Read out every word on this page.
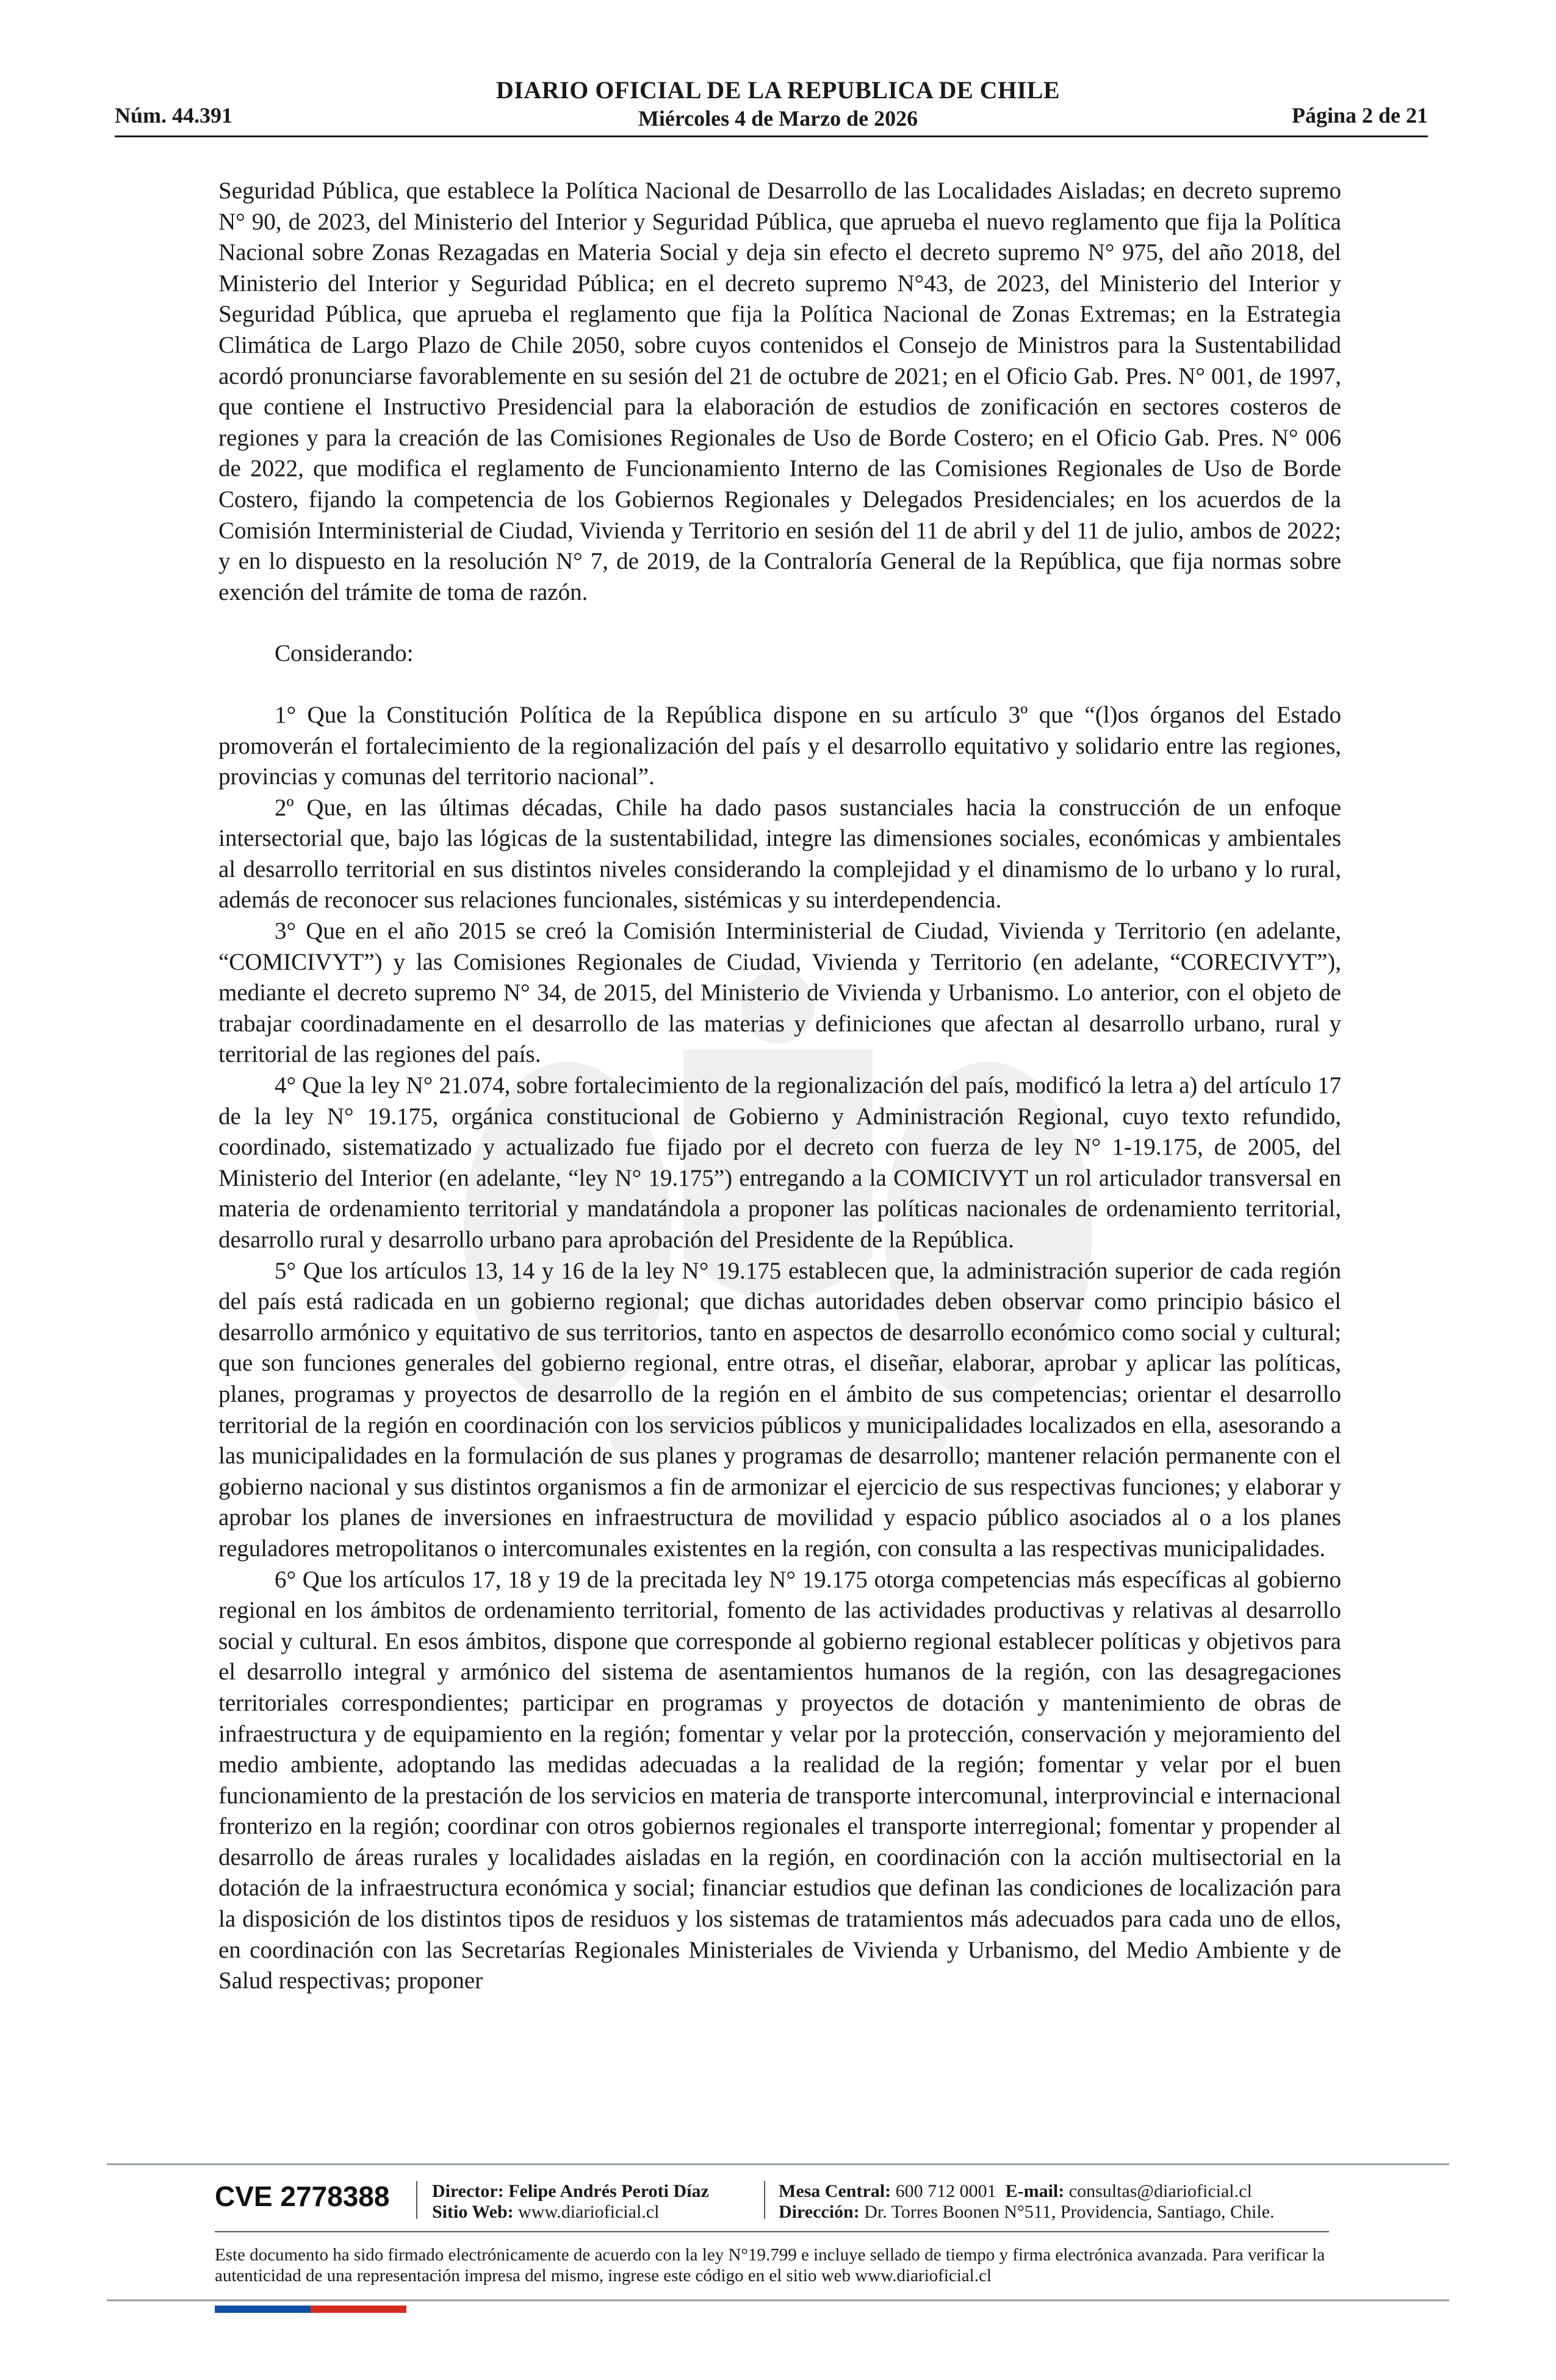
Núm. 44.391
DIARIO OFICIAL DE LA REPUBLICA DE CHILE
Miércoles 4 de Marzo de 2026	Página 2 de 21

Seguridad Pública, que establece la Política Nacional de Desarrollo de las Localidades Aisladas; en decreto supremo N° 90, de 2023, del Ministerio del Interior y Seguridad Pública, que aprueba el nuevo reglamento que fija la Política Nacional sobre Zonas Rezagadas en Materia Social y deja sin efecto el decreto supremo N° 975, del año 2018, del Ministerio del Interior y Seguridad Pública; en el decreto supremo N°43, de 2023, del Ministerio del Interior y Seguridad Pública, que aprueba el reglamento que fija la Política Nacional de Zonas Extremas; en la Estrategia Climática de Largo Plazo de Chile 2050, sobre cuyos contenidos el Consejo de Ministros para la Sustentabilidad acordó pronunciarse favorablemente en su sesión del 21 de octubre de 2021; en el Oficio Gab. Pres. N° 001, de 1997, que contiene el Instructivo Presidencial para la elaboración de estudios de zonificación en sectores costeros de regiones y para la creación de las Comisiones Regionales de Uso de Borde Costero; en el Oficio Gab. Pres. N° 006 de 2022, que modifica el reglamento de Funcionamiento Interno de las Comisiones Regionales de Uso de Borde Costero, fijando la competencia de los Gobiernos Regionales y Delegados Presidenciales; en los acuerdos de la Comisión Interministerial de Ciudad, Vivienda y Territorio en sesión del 11 de abril y del 11 de julio, ambos de 2022; y en lo dispuesto en la resolución N° 7, de 2019, de la Contraloría General de la República, que fija normas sobre exención del trámite de toma de razón.

Considerando:

1° Que la Constitución Política de la República dispone en su artículo 3º que “(l)os órganos del Estado promoverán el fortalecimiento de la regionalización del país y el desarrollo equitativo y solidario entre las regiones, provincias y comunas del territorio nacional”.

2º Que, en las últimas décadas, Chile ha dado pasos sustanciales hacia la construcción de un enfoque intersectorial que, bajo las lógicas de la sustentabilidad, integre las dimensiones sociales, económicas y ambientales al desarrollo territorial en sus distintos niveles considerando la complejidad y el dinamismo de lo urbano y lo rural, además de reconocer sus relaciones funcionales, sistémicas y su interdependencia.

3° Que en el año 2015 se creó la Comisión Interministerial de Ciudad, Vivienda y Territorio (en adelante, “COMICIVYT”) y las Comisiones Regionales de Ciudad, Vivienda y Territorio (en adelante, “CORECIVYT”), mediante el decreto supremo N° 34, de 2015, del Ministerio de Vivienda y Urbanismo. Lo anterior, con el objeto de trabajar coordinadamente en el desarrollo de las materias y definiciones que afectan al desarrollo urbano, rural y territorial de las regiones del país.

4° Que la ley N° 21.074, sobre fortalecimiento de la regionalización del país, modificó la letra a) del artículo 17 de la ley N° 19.175, orgánica constitucional de Gobierno y Administración Regional, cuyo texto refundido, coordinado, sistematizado y actualizado fue fijado por el decreto con fuerza de ley N° 1-19.175, de 2005, del Ministerio del Interior (en adelante, “ley N° 19.175”) entregando a la COMICIVYT un rol articulador transversal en materia de ordenamiento territorial y mandatándola a proponer las políticas nacionales de ordenamiento territorial, desarrollo rural y desarrollo urbano para aprobación del Presidente de la República.

5° Que los artículos 13, 14 y 16 de la ley N° 19.175 establecen que, la administración superior de cada región del país está radicada en un gobierno regional; que dichas autoridades deben observar como principio básico el desarrollo armónico y equitativo de sus territorios, tanto en aspectos de desarrollo económico como social y cultural; que son funciones generales del gobierno regional, entre otras, el diseñar, elaborar, aprobar y aplicar las políticas, planes, programas y proyectos de desarrollo de la región en el ámbito de sus competencias; orientar el desarrollo territorial de la región en coordinación con los servicios públicos y municipalidades localizados en ella, asesorando a las municipalidades en la formulación de sus planes y programas de desarrollo; mantener relación permanente con el gobierno nacional y sus distintos organismos a fin de armonizar el ejercicio de sus respectivas funciones; y elaborar y aprobar los planes de inversiones en infraestructura de movilidad y espacio público asociados al o a los planes reguladores metropolitanos o intercomunales existentes en la región, con consulta a las respectivas municipalidades.

6° Que los artículos 17, 18 y 19 de la precitada ley N° 19.175 otorga competencias más específicas al gobierno regional en los ámbitos de ordenamiento territorial, fomento de las actividades productivas y relativas al desarrollo social y cultural. En esos ámbitos, dispone que corresponde al gobierno regional establecer políticas y objetivos para el desarrollo integral y armónico del sistema de asentamientos humanos de la región, con las desagregaciones territoriales correspondientes; participar en programas y proyectos de dotación y mantenimiento de obras de infraestructura y de equipamiento en la región; fomentar y velar por la protección, conservación y mejoramiento del medio ambiente, adoptando las medidas adecuadas a la realidad de la región; fomentar y velar por el buen funcionamiento de la prestación de los servicios en materia de transporte intercomunal, interprovincial e internacional fronterizo en la región; coordinar con otros gobiernos regionales el transporte interregional; fomentar y propender al desarrollo de áreas rurales y localidades aisladas en la región, en coordinación con la acción multisectorial en la dotación de la infraestructura económica y social; financiar estudios que definan las condiciones de localización para la disposición de los distintos tipos de residuos y los sistemas de tratamientos más adecuados para cada uno de ellos, en coordinación con las Secretarías Regionales Ministeriales de Vivienda y Urbanismo, del Medio Ambiente y de Salud respectivas; proponer

CVE 2778388 Director: Felipe Andrés Peroti Díaz
Sitio Web: www.diarioficial.cl
Mesa Central: 600 712 0001 E-mail: consultas@diarioficial.cl
Dirección: Dr. Torres Boonen N°511, Providencia, Santiago, Chile.
Este documento ha sido firmado electrónicamente de acuerdo con la ley N°19.799 e incluye sellado de tiempo y firma electrónica avanzada. Para verificar la autenticidad de una representación impresa del mismo, ingrese este código en el sitio web www.diarioficial.cl
